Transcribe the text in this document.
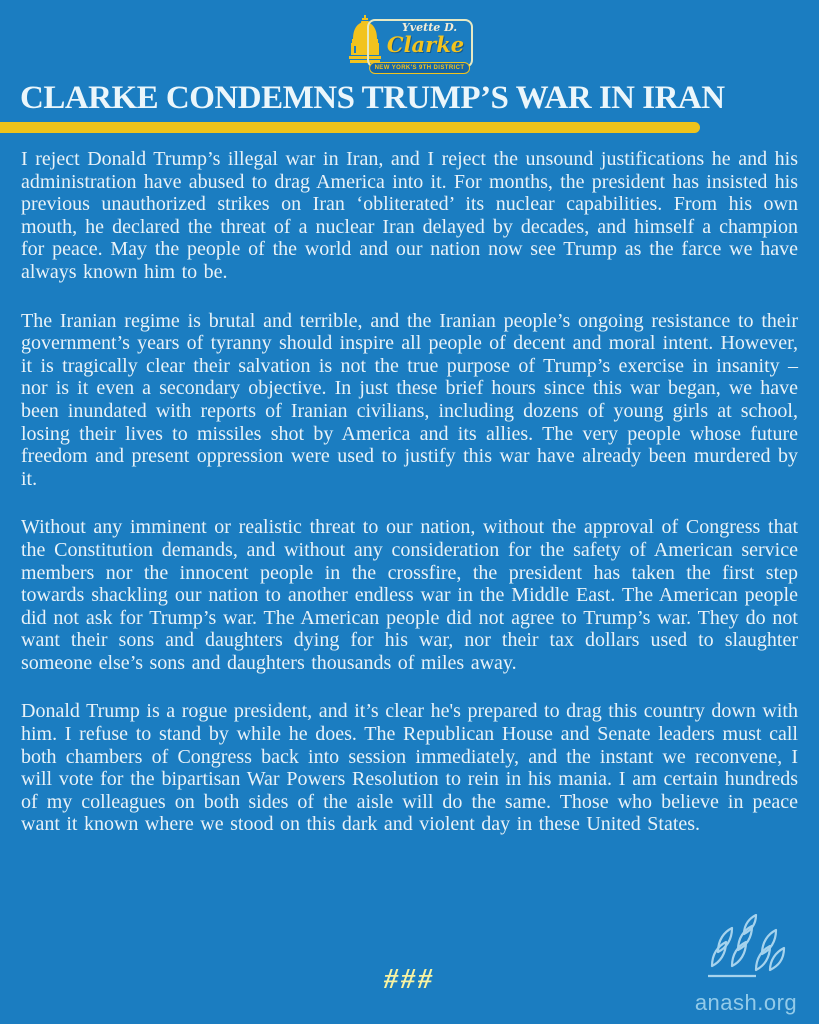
Yvette D.
Clarke
NEW YORK'S 9TH DISTRICT
CLARKE CONDEMNS TRUMP’S WAR IN IRAN

I reject Donald Trump’s illegal war in Iran, and I reject the unsound justifications he and his administration have abused to drag America into it. For months, the president has insisted his previous unauthorized strikes on Iran ‘obliterated’ its nuclear capabilities. From his own mouth, he declared the threat of a nuclear Iran delayed by decades, and himself a champion for peace. May the people of the world and our nation now see Trump as the farce we have always known him to be.

The Iranian regime is brutal and terrible, and the Iranian people’s ongoing resistance to their government’s years of tyranny should inspire all people of decent and moral intent. However, it is tragically clear their salvation is not the true purpose of Trump’s exercise in insanity – nor is it even a secondary objective. In just these brief hours since this war began, we have been inundated with reports of Iranian civilians, including dozens of young girls at school, losing their lives to missiles shot by America and its allies. The very people whose future freedom and present oppression were used to justify this war have already been murdered by it.

Without any imminent or realistic threat to our nation, without the approval of Congress that the Constitution demands, and without any consideration for the safety of American service members nor the innocent people in the crossfire, the president has taken the first step towards shackling our nation to another endless war in the Middle East. The American people did not ask for Trump’s war. The American people did not agree to Trump’s war. They do not want their sons and daughters dying for his war, nor their tax dollars used to slaughter someone else’s sons and daughters thousands of miles away.

Donald Trump is a rogue president, and it’s clear he's prepared to drag this country down with him. I refuse to stand by while he does. The Republican House and Senate leaders must call both chambers of Congress back into session immediately, and the instant we reconvene, I will vote for the bipartisan War Powers Resolution to rein in his mania. I am certain hundreds of my colleagues on both sides of the aisle will do the same. Those who believe in peace want it known where we stood on this dark and violent day in these United States.

###
anash.org
